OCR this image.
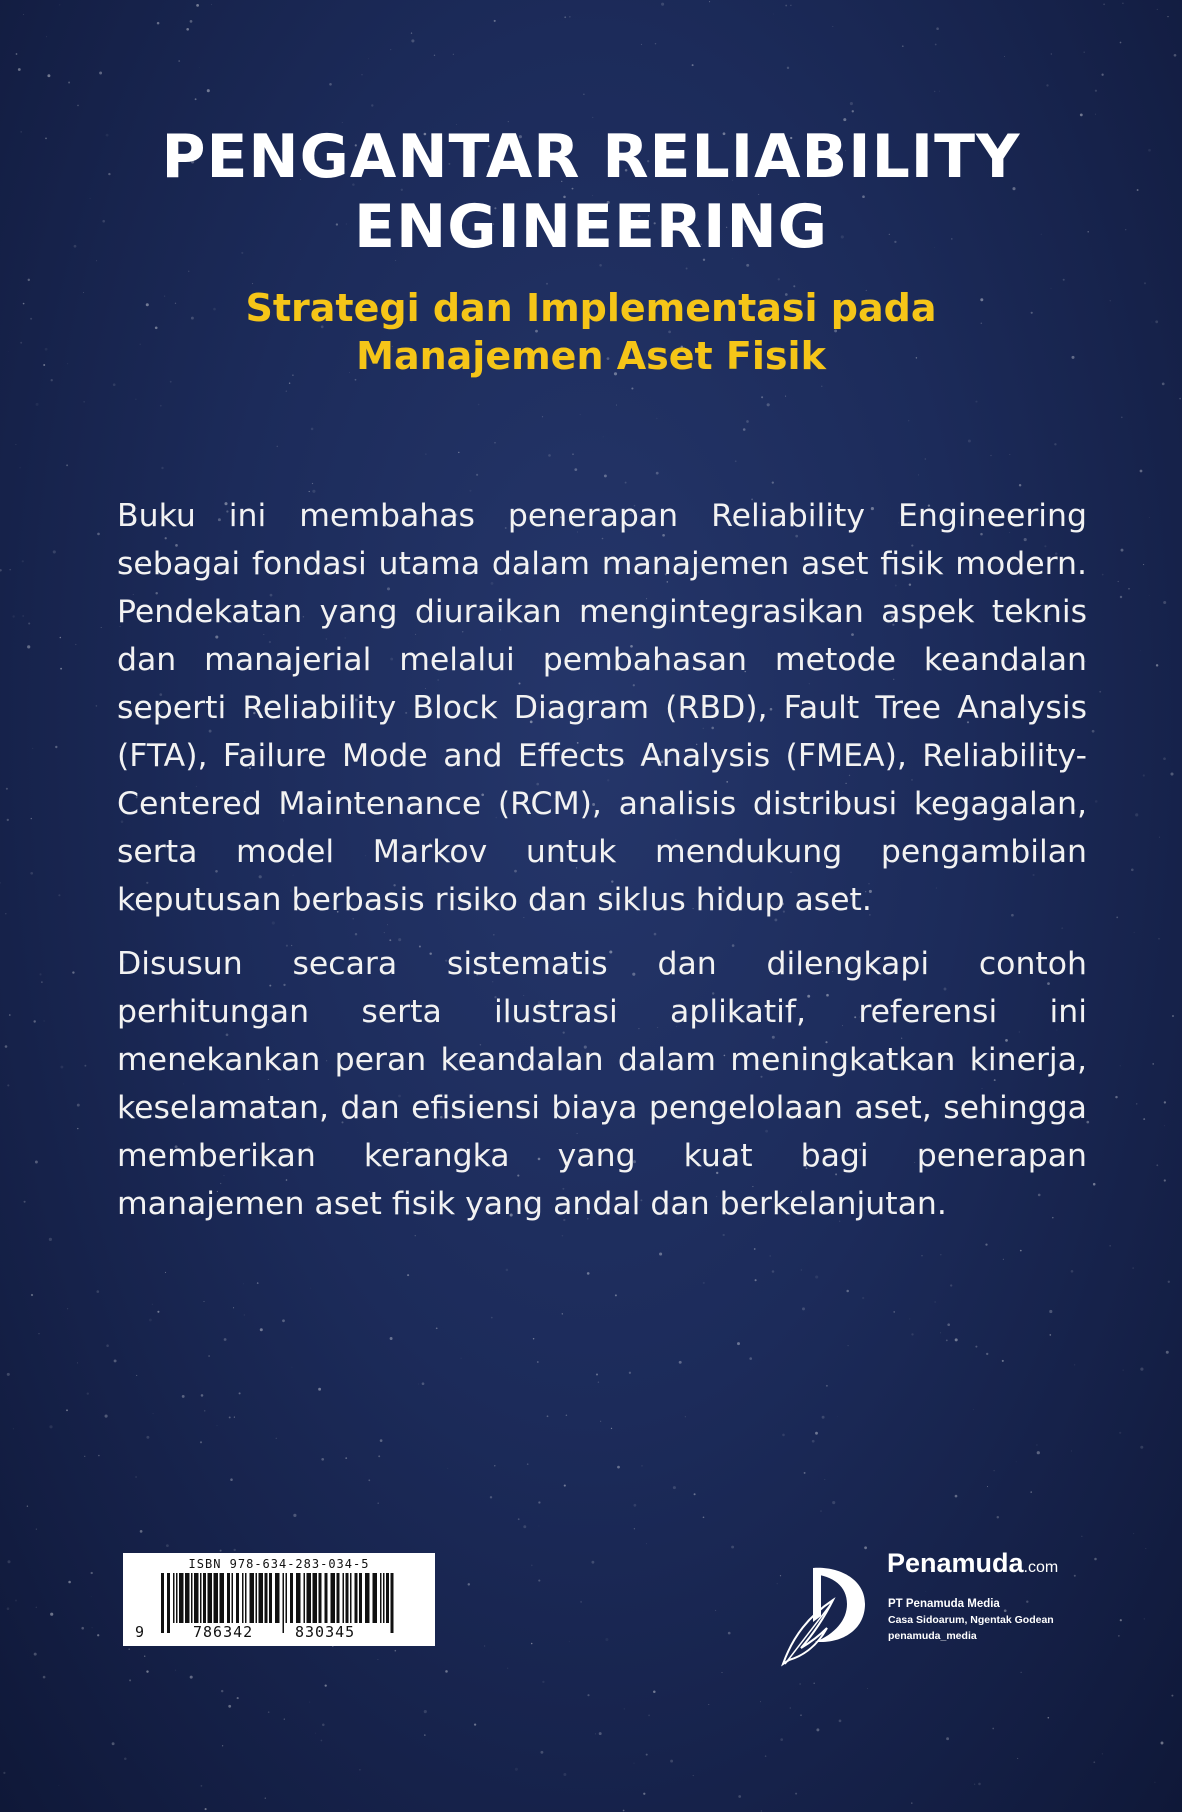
PENGANTAR RELIABILITY
ENGINEERING
Strategi dan Implementasi pada
Manajemen Aset Fisik

Buku ini membahas penerapan Reliability Engineering sebagai fondasi utama dalam manajemen aset fisik modern. Pendekatan yang diuraikan mengintegrasikan aspek teknis dan manajerial melalui pembahasan metode keandalan seperti Reliability Block Diagram (RBD), Fault Tree Analysis (FTA), Failure Mode and Effects Analysis (FMEA), Reliability-Centered Maintenance (RCM), analisis distribusi kegagalan, serta model Markov untuk mendukung pengambilan keputusan berbasis risiko dan siklus hidup aset.

Disusun secara sistematis dan dilengkapi contoh perhitungan serta ilustrasi aplikatif, referensi ini menekankan peran keandalan dalam meningkatkan kinerja, keselamatan, dan efisiensi biaya pengelolaan aset, sehingga memberikan kerangka yang kuat bagi penerapan manajemen aset fisik yang andal dan berkelanjutan.

ISBN 978-634-283-034-5
9	786342	830345
Penamuda.com
PT Penamuda Media
Casa Sidoarum, Ngentak Godean
penamuda_media
